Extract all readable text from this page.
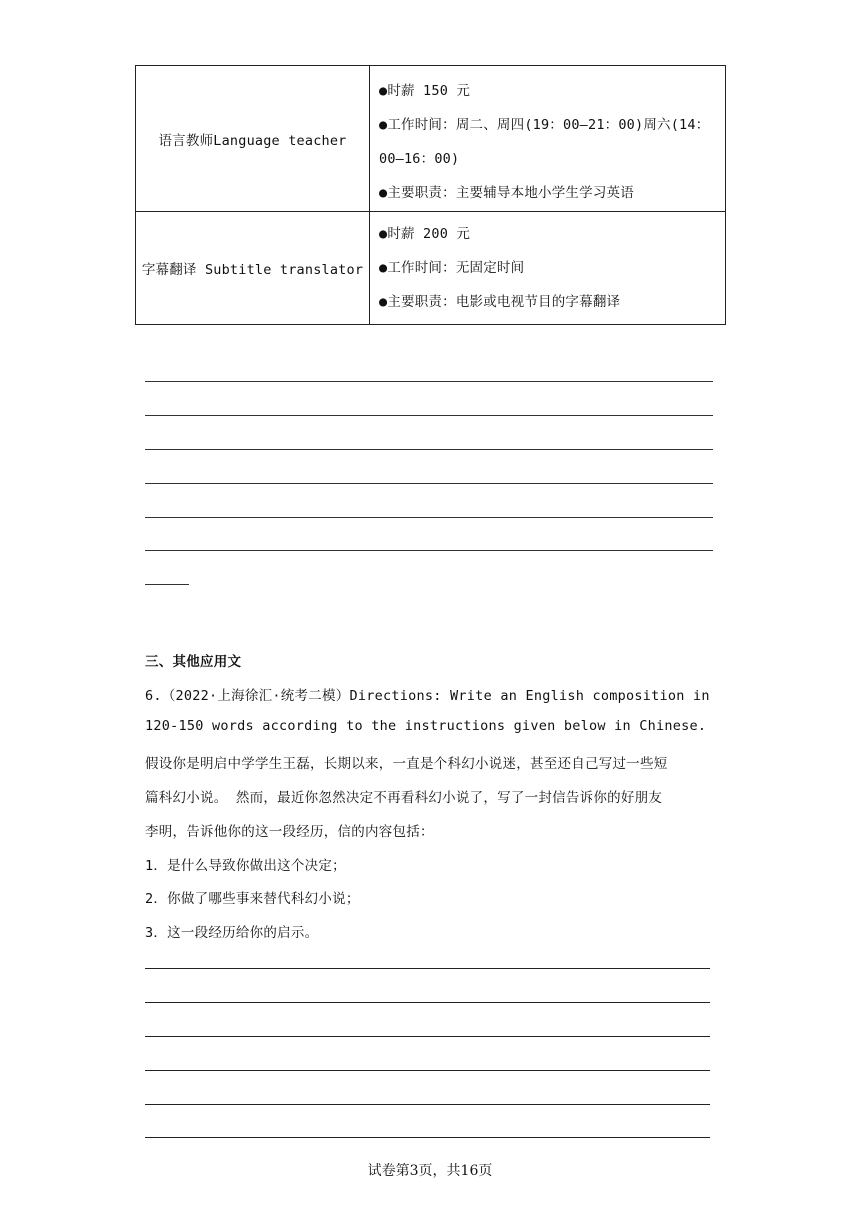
语言教师Language teacher	●时薪 150 元
●工作时间：周二、周四(19：00—21：00)周六(14：
00—16：00)
●主要职责：主要辅导本地小学生学习英语

字幕翻译 Subtitle translator	●时薪 200 元
●工作时间：无固定时间
●主要职责：电影或电视节目的字幕翻译
三、其他应用文
6.（2022·上海徐汇·统考二模）Directions: Write an English composition in
120-150 words according to the instructions given below in Chinese.
假设你是明启中学学生王磊，长期以来，一直是个科幻小说迷，甚至还自己写过一些短
篇科幻小说。 然而，最近你忽然决定不再看科幻小说了，写了一封信告诉你的好朋友
李明，告诉他你的这一段经历，信的内容包括：
1．是什么导致你做出这个决定；
2．你做了哪些事来替代科幻小说；
3．这一段经历给你的启示。
试卷第3页，共16页
